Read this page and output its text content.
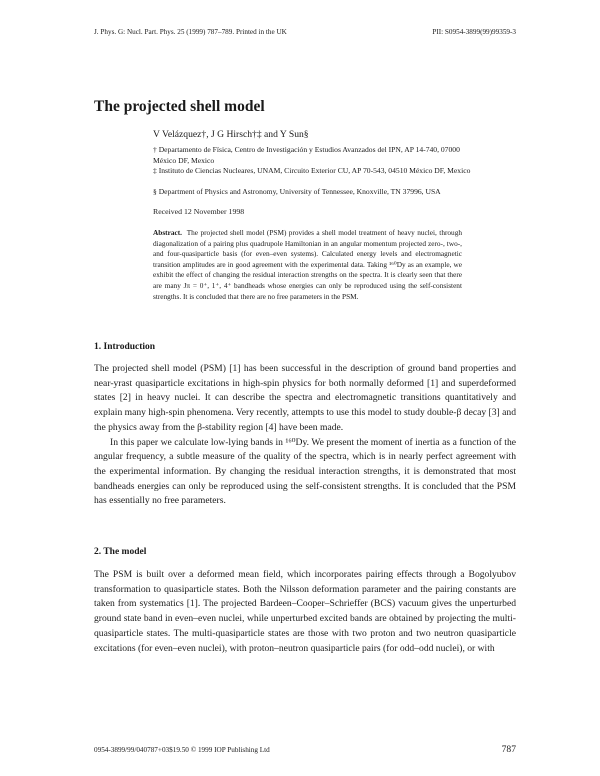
J. Phys. G: Nucl. Part. Phys. 25 (1999) 787–789. Printed in the UK	PII: S0954-3899(99)99359-3
The projected shell model
V Velázquez†, J G Hirsch†‡ and Y Sun§
† Departamento de Física, Centro de Investigación y Estudios Avanzados del IPN, AP 14-740, 07000 México DF, Mexico
‡ Instituto de Ciencias Nucleares, UNAM, Circuito Exterior CU, AP 70-543, 04510 México DF, Mexico
§ Department of Physics and Astronomy, University of Tennessee, Knoxville, TN 37996, USA
Received 12 November 1998
Abstract. The projected shell model (PSM) provides a shell model treatment of heavy nuclei, through diagonalization of a pairing plus quadrupole Hamiltonian in an angular momentum projected zero-, two-, and four-quasiparticle basis (for even–even systems). Calculated energy levels and electromagnetic transition amplitudes are in good agreement with the experimental data. Taking ¹⁶⁰Dy as an example, we exhibit the effect of changing the residual interaction strengths on the spectra. It is clearly seen that there are many Jπ = 0⁺, 1⁺, 4⁺ bandheads whose energies can only be reproduced using the self-consistent strengths. It is concluded that there are no free parameters in the PSM.
1. Introduction

The projected shell model (PSM) [1] has been successful in the description of ground band properties and near-yrast quasiparticle excitations in high-spin physics for both normally deformed [1] and superdeformed states [2] in heavy nuclei. It can describe the spectra and electromagnetic transitions quantitatively and explain many high-spin phenomena. Very recently, attempts to use this model to study double-β decay [3] and the physics away from the β-stability region [4] have been made.

In this paper we calculate low-lying bands in ¹⁶⁰Dy. We present the moment of inertia as a function of the angular frequency, a subtle measure of the quality of the spectra, which is in nearly perfect agreement with the experimental information. By changing the residual interaction strengths, it is demonstrated that most bandheads energies can only be reproduced using the self-consistent strengths. It is concluded that the PSM has essentially no free parameters.

2. The model

The PSM is built over a deformed mean field, which incorporates pairing effects through a Bogolyubov transformation to quasiparticle states. Both the Nilsson deformation parameter and the pairing constants are taken from systematics [1]. The projected Bardeen–Cooper–Schrieffer (BCS) vacuum gives the unperturbed ground state band in even–even nuclei, while unperturbed excited bands are obtained by projecting the multi-quasiparticle states. The multi-quasiparticle states are those with two proton and two neutron quasiparticle excitations (for even–even nuclei), with proton–neutron quasiparticle pairs (for odd–odd nuclei), or with

0954-3899/99/040787+03$19.50 © 1999 IOP Publishing Ltd	787
